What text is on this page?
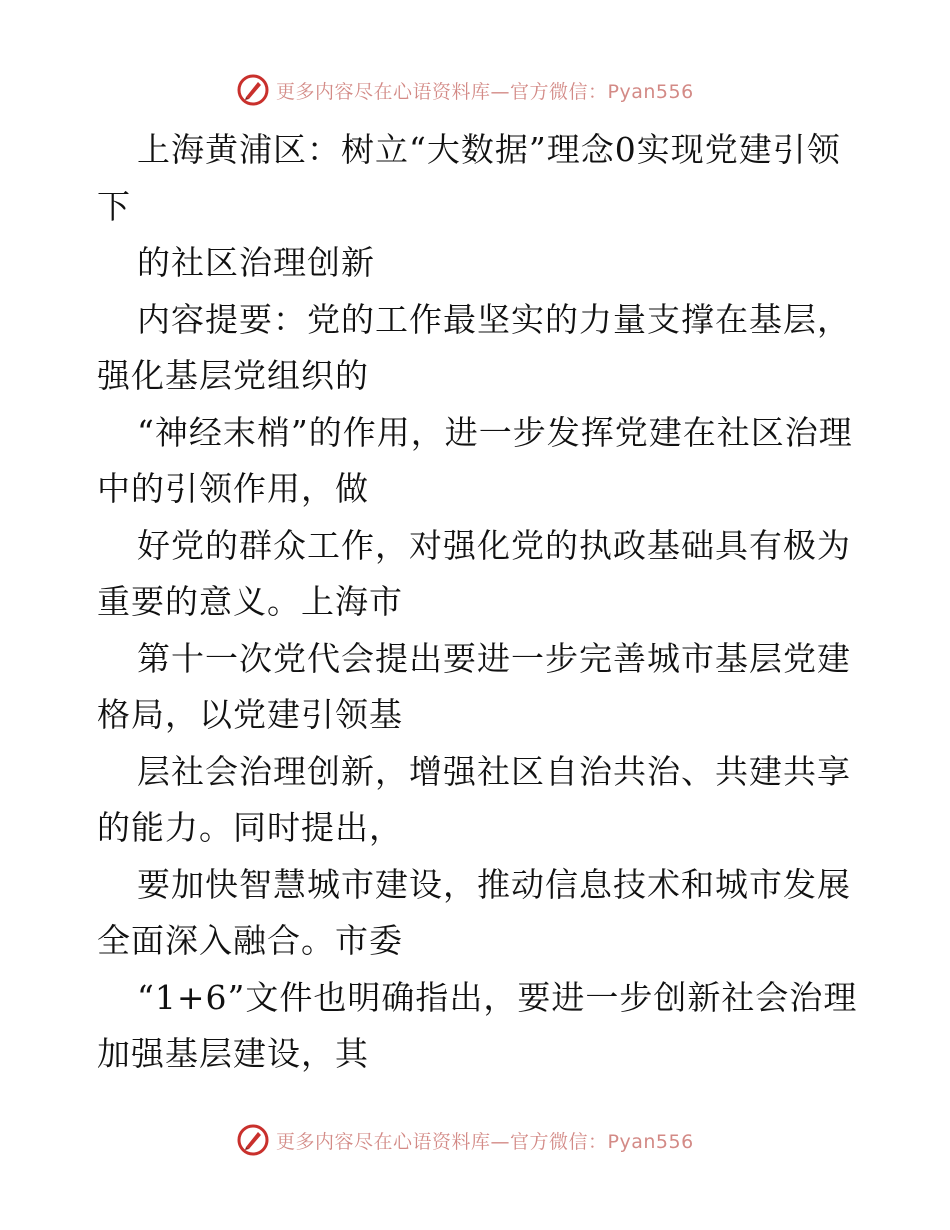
更多内容尽在心语资料库—官方微信：Pyan556

上海黄浦区：树立“大数据”理念0实现党建引领下

的社区治理创新

内容提要：党的工作最坚实的力量支撑在基层，强化基层党组织的

“神经末梢”的作用，进一步发挥党建在社区治理中的引领作用，做

好党的群众工作，对强化党的执政基础具有极为重要的意义。上海市

第十一次党代会提出要进一步完善城市基层党建格局，以党建引领基

层社会治理创新，增强社区自治共治、共建共享的能力。同时提出，

要加快智慧城市建设，推动信息技术和城市发展全面深入融合。市委

“1+6”文件也明确指出，要进一步创新社会治理加强基层建设，其

更多内容尽在心语资料库—官方微信：Pyan556
